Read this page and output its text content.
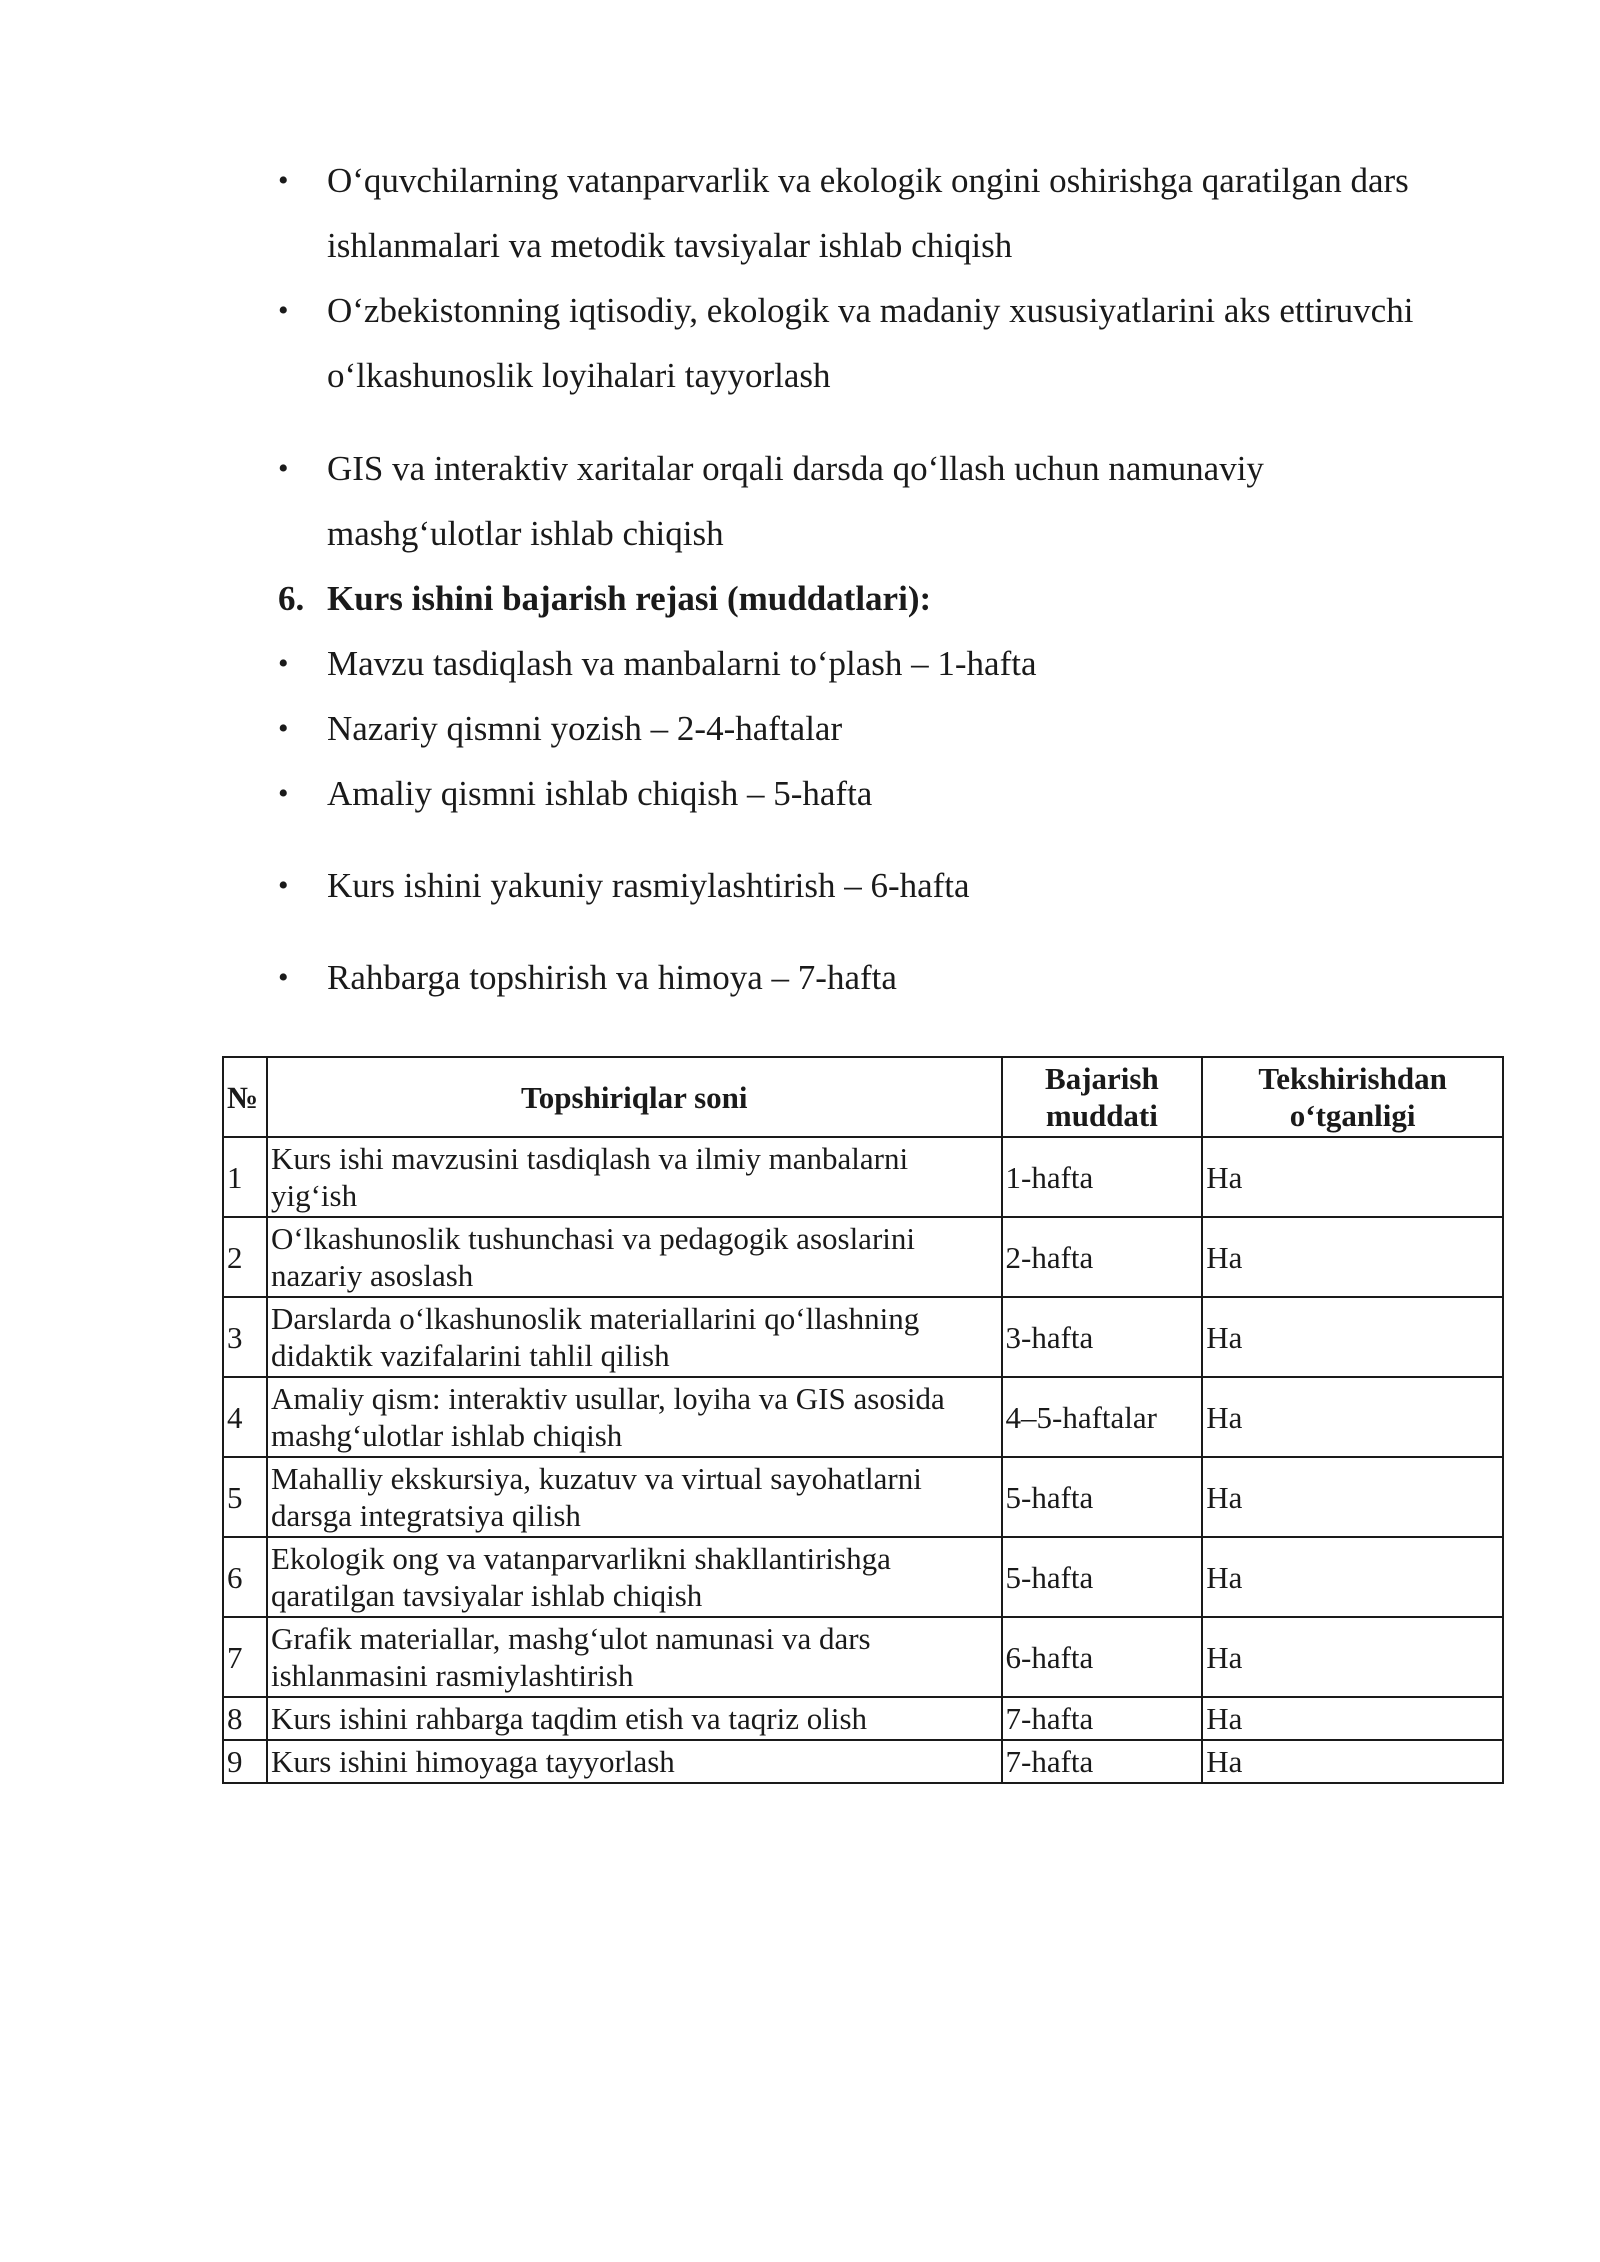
• O‘quvchilarning vatanparvarlik va ekologik ongini oshirishga qaratilgan dars ishlanmalari va metodik tavsiyalar ishlab chiqish
• O‘zbekistonning iqtisodiy, ekologik va madaniy xususiyatlarini aks ettiruvchi o‘lkashunoslik loyihalari tayyorlash
• GIS va interaktiv xaritalar orqali darsda qo‘llash uchun namunaviy mashg‘ulotlar ishlab chiqish
6. Kurs ishini bajarish rejasi (muddatlari):
• Mavzu tasdiqlash va manbalarni to‘plash – 1-hafta
• Nazariy qismni yozish – 2-4-haftalar
• Amaliy qismni ishlab chiqish – 5-hafta
• Kurs ishini yakuniy rasmiylashtirish – 6-hafta
• Rahbarga topshirish va himoya – 7-hafta
№	Topshiriqlar soni	Bajarish muddati	Tekshirishdan o‘tganligi
1	Kurs ishi mavzusini tasdiqlash va ilmiy manbalarni yig‘ish	1-hafta	Ha
2	O‘lkashunoslik tushunchasi va pedagogik asoslarini nazariy asoslash	2-hafta	Ha
3	Darslarda o‘lkashunoslik materiallarini qo‘llashning didaktik vazifalarini tahlil qilish	3-hafta	Ha
4	Amaliy qism: interaktiv usullar, loyiha va GIS asosida mashg‘ulotlar ishlab chiqish	4–5-haftalar	Ha
5	Mahalliy ekskursiya, kuzatuv va virtual sayohatlarni darsga integratsiya qilish	5-hafta	Ha
6	Ekologik ong va vatanparvarlikni shakllantirishga qaratilgan tavsiyalar ishlab chiqish	5-hafta	Ha
7	Grafik materiallar, mashg‘ulot namunasi va dars ishlanmasini rasmiylashtirish	6-hafta	Ha
8	Kurs ishini rahbarga taqdim etish va taqriz olish	7-hafta	Ha
9	Kurs ishini himoyaga tayyorlash	7-hafta	Ha
